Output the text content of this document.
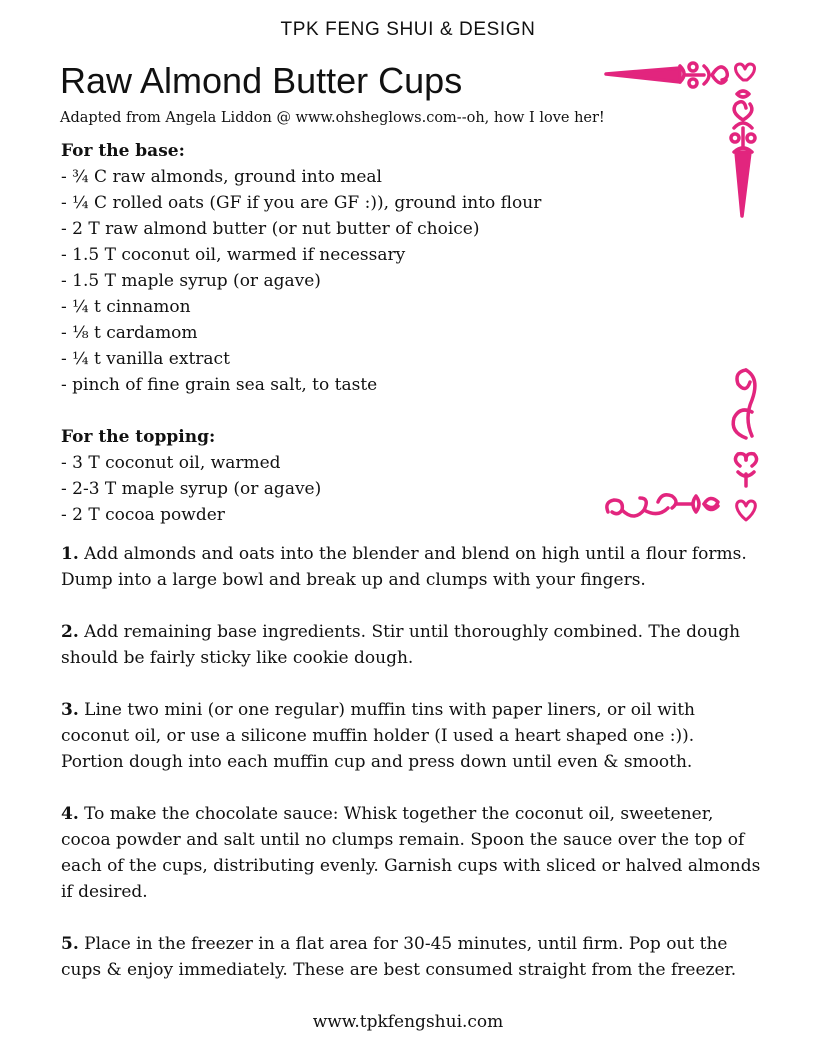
TPK FENG SHUI & DESIGN
Raw Almond Butter Cups
Adapted from Angela Liddon @ www.ohsheglows.com--oh, how I love her!
For the base:
- ¾ C raw almonds, ground into meal
- ¼ C rolled oats (GF if you are GF :)), ground into flour
- 2 T raw almond butter (or nut butter of choice)
- 1.5 T coconut oil, warmed if necessary
- 1.5 T maple syrup (or agave)
- ¼ t cinnamon
- ⅛ t cardamom
- ¼ t vanilla extract
- pinch of fine grain sea salt, to taste
For the topping:
- 3 T coconut oil, warmed
- 2-3 T maple syrup (or agave)
- 2 T cocoa powder

1. Add almonds and oats into the blender and blend on high until a flour forms. Dump into a large bowl and break up and clumps with your fingers.

2. Add remaining base ingredients. Stir until thoroughly combined. The dough should be fairly sticky like cookie dough.

3. Line two mini (or one regular) muffin tins with paper liners, or oil with coconut oil, or use a silicone muffin holder (I used a heart shaped one :)). Portion dough into each muffin cup and press down until even & smooth.

4. To make the chocolate sauce: Whisk together the coconut oil, sweetener, cocoa powder and salt until no clumps remain. Spoon the sauce over the top of each of the cups, distributing evenly. Garnish cups with sliced or halved almonds if desired.

5. Place in the freezer in a flat area for 30-45 minutes, until firm. Pop out the cups & enjoy immediately. These are best consumed straight from the freezer.

www.tpkfengshui.com
